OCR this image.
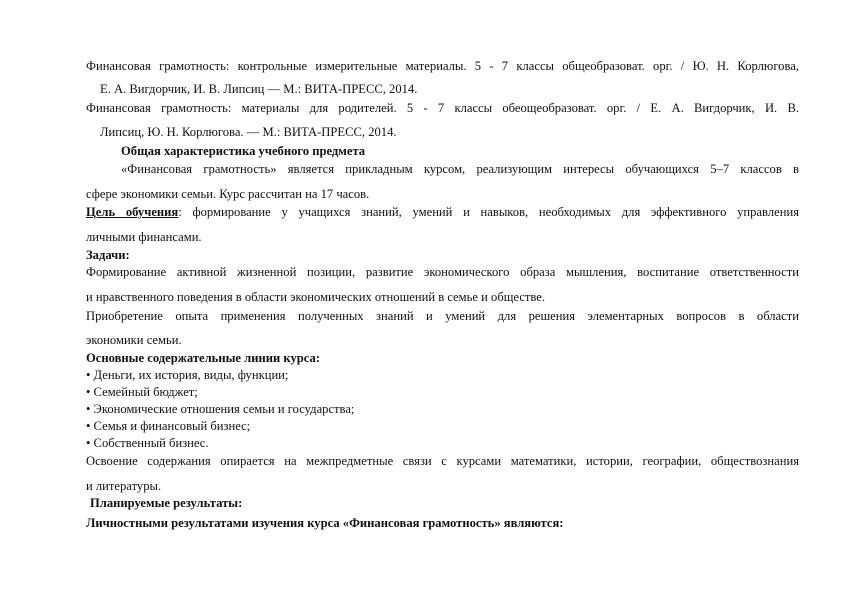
Финансовая грамотность: контрольные измерительные материалы. 5 - 7 классы общеобразоват. орг. / Ю. Н. Корлюгова,

Е. А. Вигдорчик, И. В. Липсиц — М.: ВИТА-ПРЕСС, 2014.

Финансовая грамотность: материалы для родителей. 5 - 7 классы обеощеобразоват. орг. / Е. А. Вигдорчик, И. В.

Липсиц, Ю. Н. Корлюгова. — М.: ВИТА-ПРЕСС, 2014.

Общая характеристика учебного предмета

«Финансовая грамотность» является прикладным курсом, реализующим интересы обучающихся 5–7 классов в

сфере экономики семьи. Курс рассчитан на 17 часов.

Цель обучения: формирование у учащихся знаний, умений и навыков, необходимых для эффективного управления

личными финансами.

Задачи:

Формирование активной жизненной позиции, развитие экономического образа мышления, воспитание ответственности

и нравственного поведения в области экономических отношений в семье и обществе.

Приобретение опыта применения полученных знаний и умений для решения элементарных вопросов в области

экономики семьи.

Основные содержательные линии курса:

• Деньги, их история, виды, функции;

• Семейный бюджет;

• Экономические отношения семьи и государства;

• Семья и финансовый бизнес;

• Собственный бизнес.

Освоение содержания опирается на межпредметные связи с курсами математики, истории, географии, обществознания

и литературы.

Планируемые результаты:

Личностными результатами изучения курса «Финансовая грамотность» являются:
